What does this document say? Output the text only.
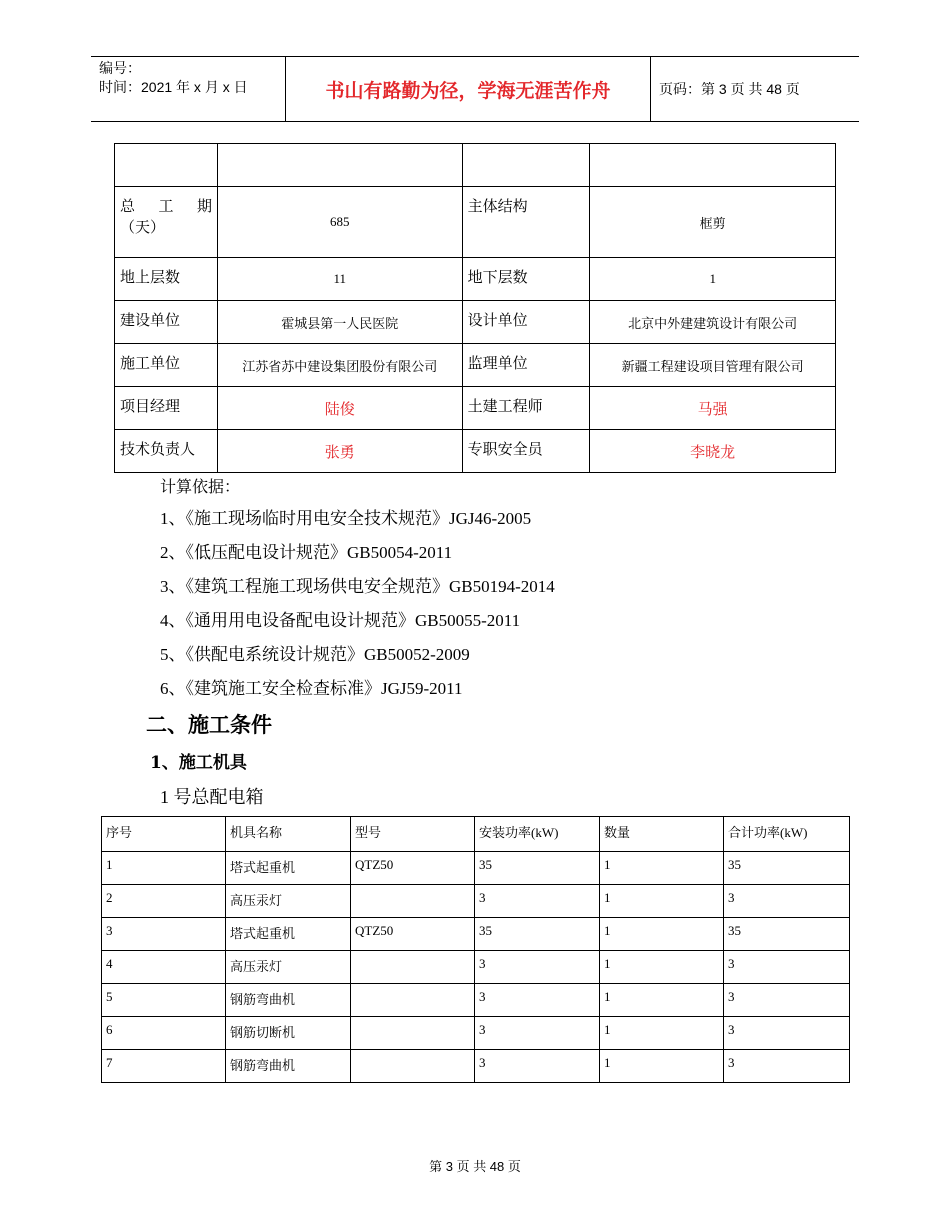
编号：
时间：2021 年 x 月 x 日	书山有路勤为径，学海无涯苦作舟	页码：第 3 页 共 48 页

总 工 期
（天）	685	主体结构	框剪
地上层数	11	地下层数	1
建设单位	霍城县第一人民医院	设计单位	北京中外建建筑设计有限公司
施工单位	江苏省苏中建设集团股份有限公司	监理单位	新疆工程建设项目管理有限公司
项目经理	陆俊	土建工程师	马强
技术负责人	张勇	专职安全员	李晓龙
计算依据：
1、《施工现场临时用电安全技术规范》JGJ46-2005
2、《低压配电设计规范》GB50054-2011
3、《建筑工程施工现场供电安全规范》GB50194-2014
4、《通用用电设备配电设计规范》GB50055-2011
5、《供配电系统设计规范》GB50052-2009
6、《建筑施工安全检查标准》JGJ59-2011
二、施工条件
1、施工机具
1 号总配电箱
序号	机具名称	型号	安装功率(kW)	数量	合计功率(kW)
1	塔式起重机	QTZ50	35	1	35
2	高压汞灯		3	1	3
3	塔式起重机	QTZ50	35	1	35
4	高压汞灯		3	1	3
5	钢筋弯曲机		3	1	3
6	钢筋切断机		3	1	3
7	钢筋弯曲机		3	1	3
第 3 页 共 48 页
